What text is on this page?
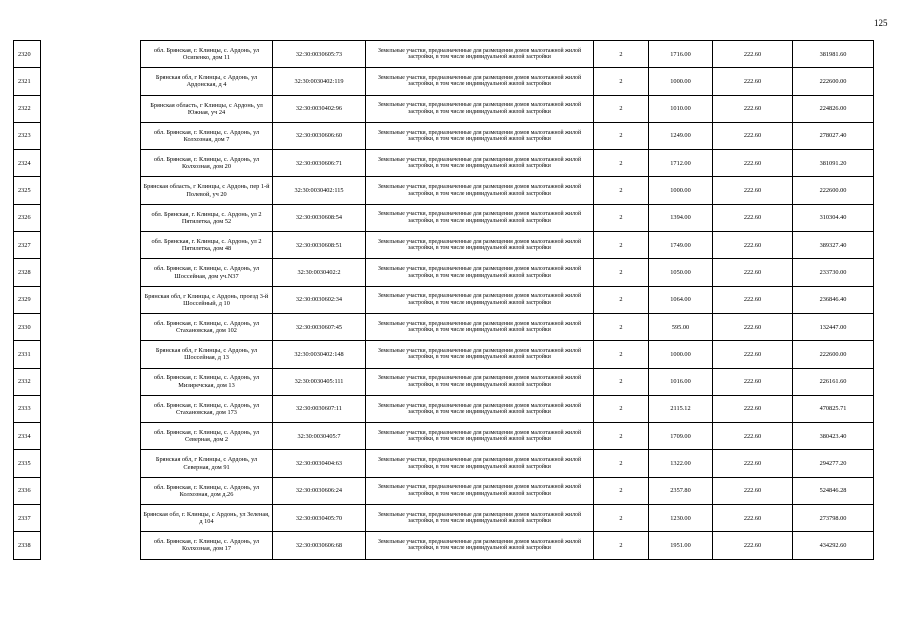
125
2320		обл. Брянская, г. Клинцы, с. Ардонь, ул Осипенко, дом 11	32:30:0030605:73	Земельные участки, предназначенные для размещения домов малоэтажной жилой застройки, в том числе индивидуальной жилой застройки	2	1716.00	222.60	381981.60
2321		Брянская обл, г Клинцы, с Ардонь, ул Ардонская, д 4	32:30:0030402:119	Земельные участки, предназначенные для размещения домов малоэтажной жилой застройки, в том числе индивидуальной жилой застройки	2	1000.00	222.60	222600.00
2322		Брянская область, г Клинцы, с Ардонь, ул Южная, уч 24	32:30:0030402:96	Земельные участки, предназначенные для размещения домов малоэтажной жилой застройки, в том числе индивидуальной жилой застройки	2	1010.00	222.60	224826.00
2323		обл. Брянская, г. Клинцы, с. Ардонь, ул Колхозная, дом 7	32:30:0030606:60	Земельные участки, предназначенные для размещения домов малоэтажной жилой застройки, в том числе индивидуальной жилой застройки	2	1249.00	222.60	278027.40
2324		обл. Брянская, г. Клинцы, с. Ардонь, ул Колхозная, дом 20	32:30:0030606:71	Земельные участки, предназначенные для размещения домов малоэтажной жилой застройки, в том числе индивидуальной жилой застройки	2	1712.00	222.60	381091.20
2325		Брянская область, г Клинцы, с Ардонь, пер 1-й Полевой, уч 20	32:30:0030402:115	Земельные участки, предназначенные для размещения домов малоэтажной жилой застройки, в том числе индивидуальной жилой застройки	2	1000.00	222.60	222600.00
2326		обл. Брянская, г. Клинцы, с. Ардонь, ул 2 Пятилетка, дом 52	32:30:0030608:54	Земельные участки, предназначенные для размещения домов малоэтажной жилой застройки, в том числе индивидуальной жилой застройки	2	1394.00	222.60	310304.40
2327		обл. Брянская, г. Клинцы, с. Ардонь, ул 2 Пятилетка, дом 48	32:30:0030608:51	Земельные участки, предназначенные для размещения домов малоэтажной жилой застройки, в том числе индивидуальной жилой застройки	2	1749.00	222.60	389327.40
2328		обл. Брянская, г. Клинцы, с. Ардонь, ул Шоссейная, дом уч.N37	32:30:0030402:2	Земельные участки, предназначенные для размещения домов малоэтажной жилой застройки, в том числе индивидуальной жилой застройки	2	1050.00	222.60	233730.00
2329		Брянская обл, г Клинцы, с Ардонь, проезд 3-й Шоссейный, д 10	32:30:0030602:34	Земельные участки, предназначенные для размещения домов малоэтажной жилой застройки, в том числе индивидуальной жилой застройки	2	1064.00	222.60	236846.40
2330		обл. Брянская, г. Клинцы, с. Ардонь, ул Стахановская, дом 102	32:30:0030607:45	Земельные участки, предназначенные для размещения домов малоэтажной жилой застройки, в том числе индивидуальной жилой застройки	2	595.00	222.60	132447.00
2331		Брянская обл, г Клинцы, с Ардонь, ул Шоссейная, д 13	32:30:0030402:148	Земельные участки, предназначенные для размещения домов малоэтажной жилой застройки, в том числе индивидуальной жилой застройки	2	1000.00	222.60	222600.00
2332		обл. Брянская, г. Клинцы, с. Ардонь, ул Мизиречская, дом 13	32:30:0030405:111	Земельные участки, предназначенные для размещения домов малоэтажной жилой застройки, в том числе индивидуальной жилой застройки	2	1016.00	222.60	226161.60
2333		обл. Брянская, г. Клинцы, с. Ардонь, ул Стахановская, дом 173	32:30:0030607:11	Земельные участки, предназначенные для размещения домов малоэтажной жилой застройки, в том числе индивидуальной жилой застройки	2	2115.12	222.60	470825.71
2334		обл. Брянская, г. Клинцы, с. Ардонь, ул Северная, дом 2	32:30:0030405:7	Земельные участки, предназначенные для размещения домов малоэтажной жилой застройки, в том числе индивидуальной жилой застройки	2	1709.00	222.60	380423.40
2335		Брянская обл, г Клинцы, с Ардонь, ул Северная, дом 91	32:30:0030404:63	Земельные участки, предназначенные для размещения домов малоэтажной жилой застройки, в том числе индивидуальной жилой застройки	2	1322.00	222.60	294277.20
2336		обл. Брянская, г. Клинцы, с. Ардонь, ул Колхозная, дом д.26	32:30:0030606:24	Земельные участки, предназначенные для размещения домов малоэтажной жилой застройки, в том числе индивидуальной жилой застройки	2	2357.80	222.60	524846.28
2337		Брянская обл, г. Клинцы, с Ардонь, ул Зеленая, д 104	32:30:0030405:70	Земельные участки, предназначенные для размещения домов малоэтажной жилой застройки, в том числе индивидуальной жилой застройки	2	1230.00	222.60	273798.00
2338		обл. Брянская, г. Клинцы, с. Ардонь, ул Колхозная, дом 17	32:30:0030606:68	Земельные участки, предназначенные для размещения домов малоэтажной жилой застройки, в том числе индивидуальной жилой застройки	2	1951.00	222.60	434292.60
